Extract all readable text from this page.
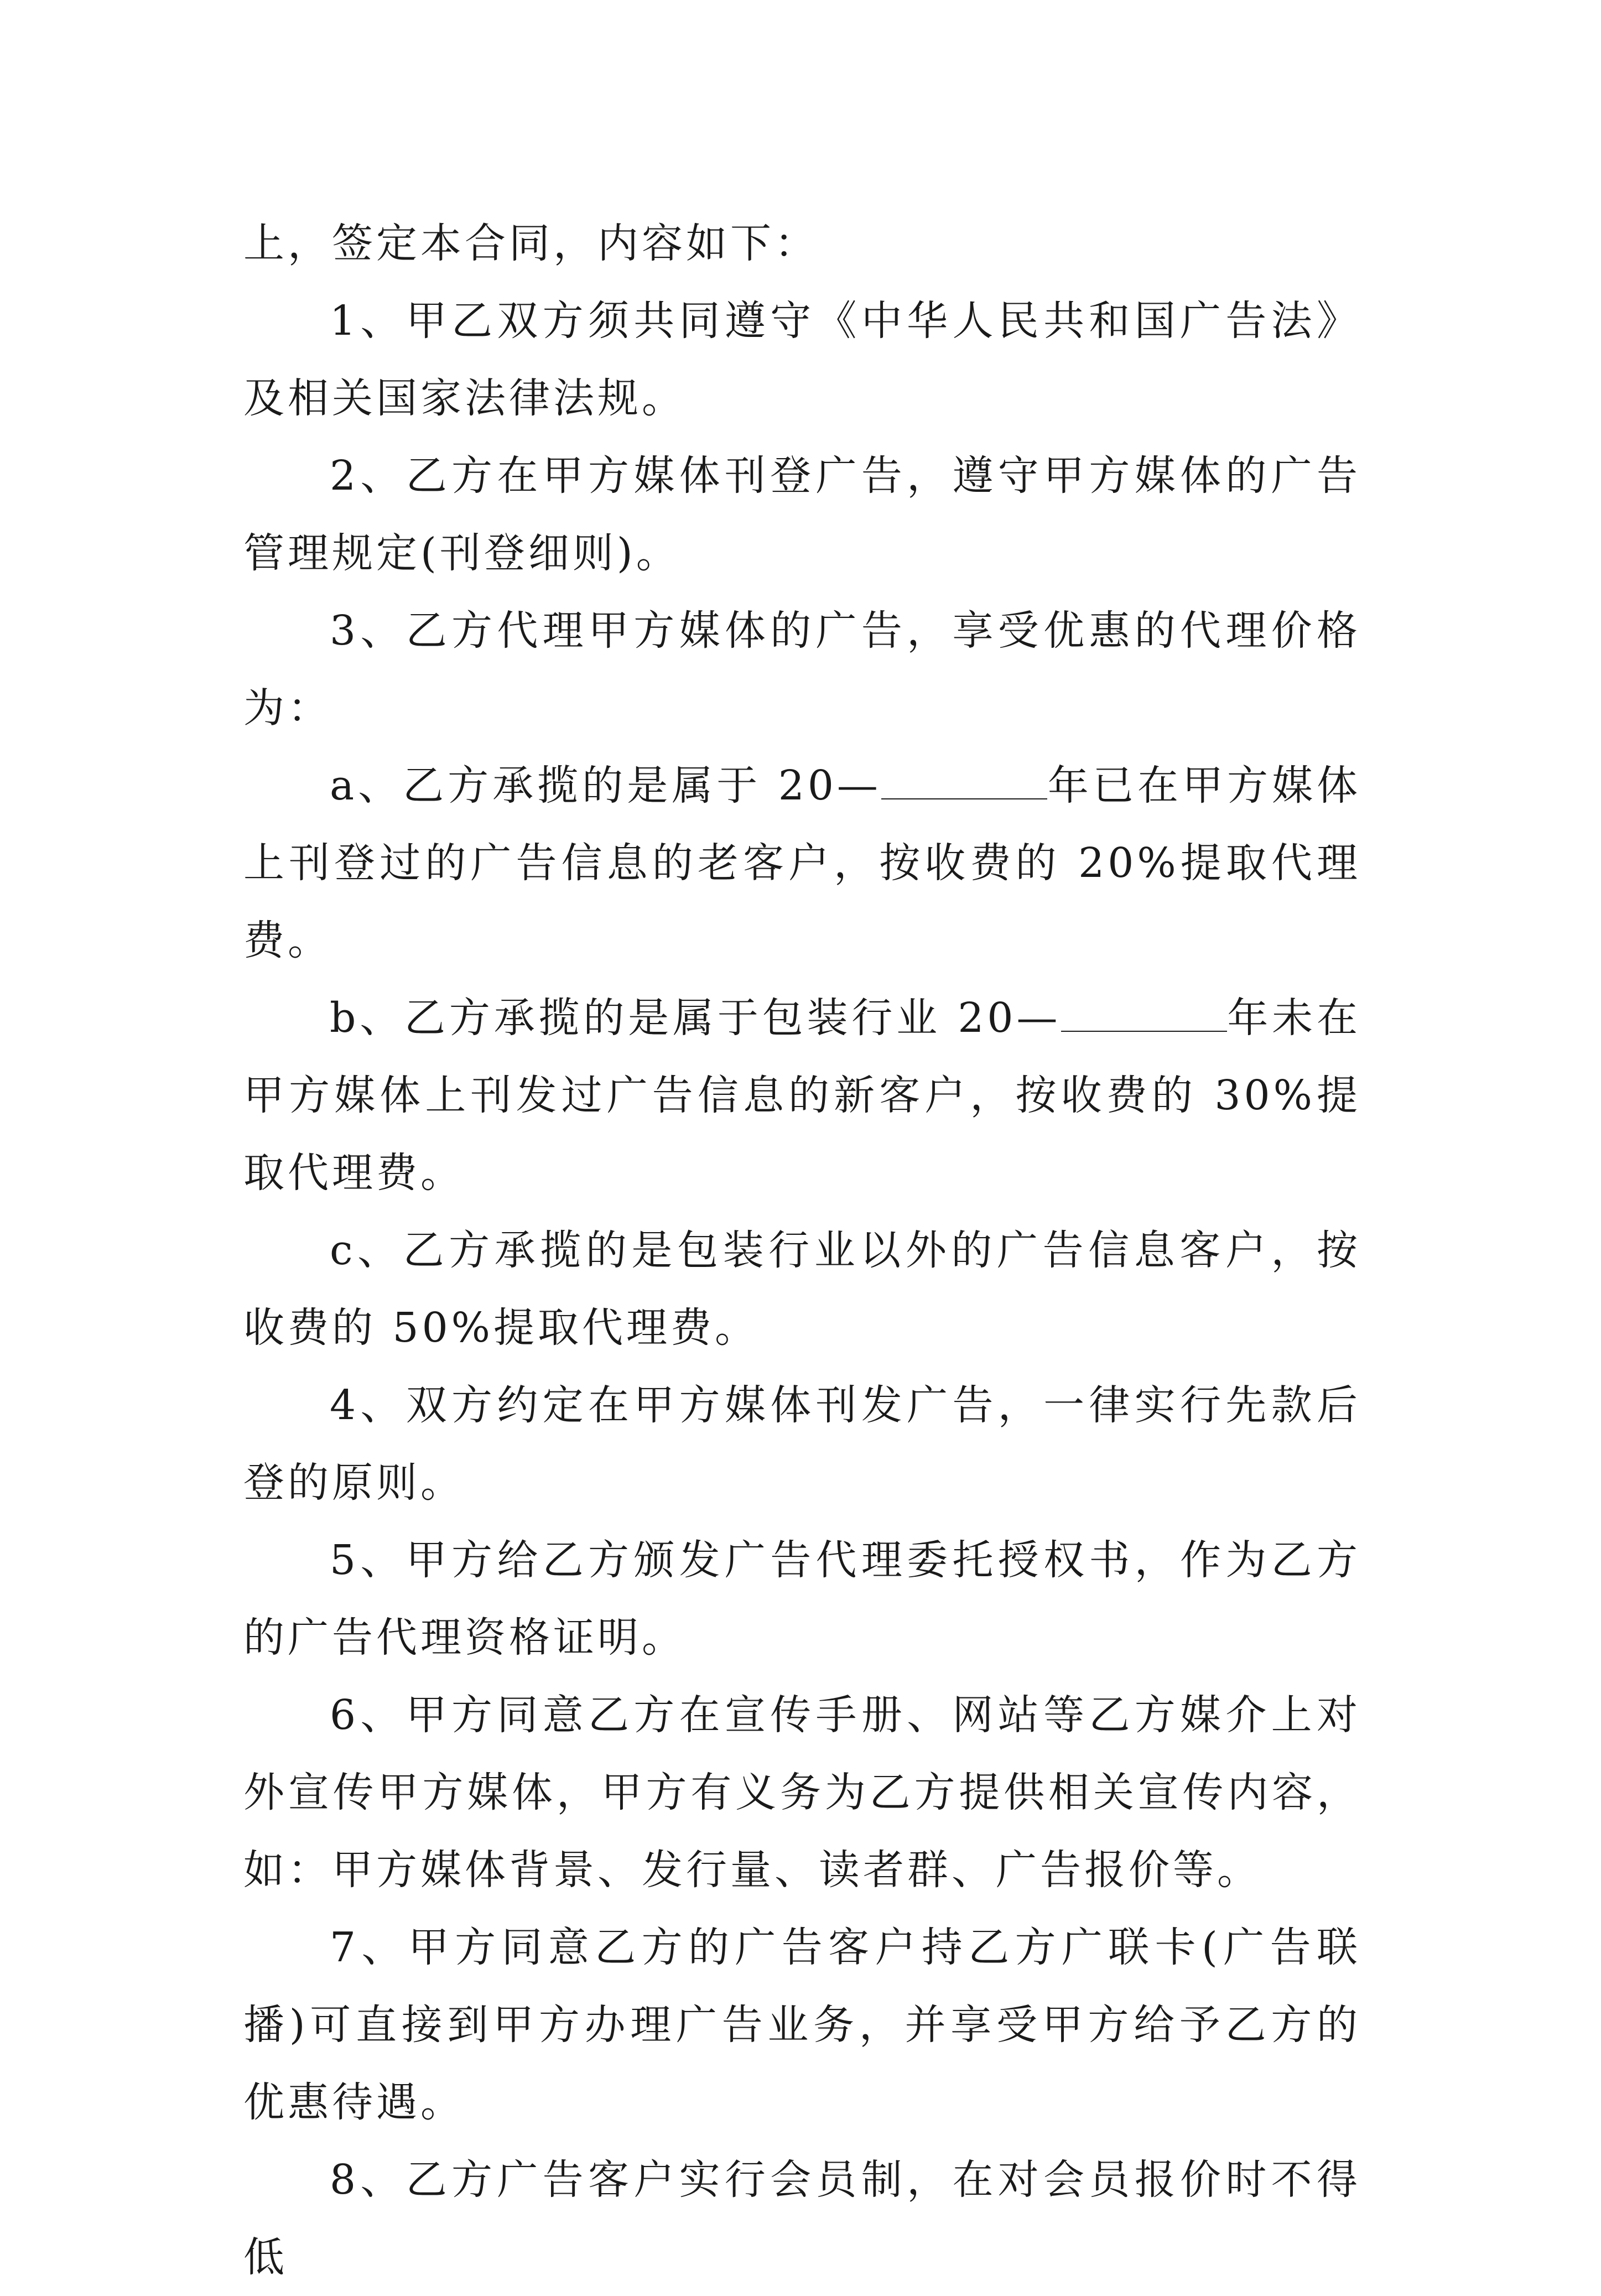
上，签定本合同，内容如下：

1、甲乙双方须共同遵守《中华人民共和国广告法》及相关国家法律法规。

2、乙方在甲方媒体刊登广告，遵守甲方媒体的广告管理规定(刊登细则)。

3、乙方代理甲方媒体的广告，享受优惠的代理价格为：

a、乙方承揽的是属于 20—	年已在甲方媒体上刊登过的广告信息的老客户，按收费的 20%提取代理费。

b、乙方承揽的是属于包装行业 20—	年未在甲方媒体上刊发过广告信息的新客户，按收费的 30%提取代理费。

c、乙方承揽的是包装行业以外的广告信息客户，按收费的 50%提取代理费。

4、双方约定在甲方媒体刊发广告，一律实行先款后登的原则。

5、甲方给乙方颁发广告代理委托授权书，作为乙方的广告代理资格证明。

6、甲方同意乙方在宣传手册、网站等乙方媒介上对外宣传甲方媒体，甲方有义务为乙方提供相关宣传内容，如：甲方媒体背景、发行量、读者群、广告报价等。

7、甲方同意乙方的广告客户持乙方广联卡(广告联播)可直接到甲方办理广告业务，并享受甲方给予乙方的优惠待遇。

8、乙方广告客户实行会员制，在对会员报价时不得低
